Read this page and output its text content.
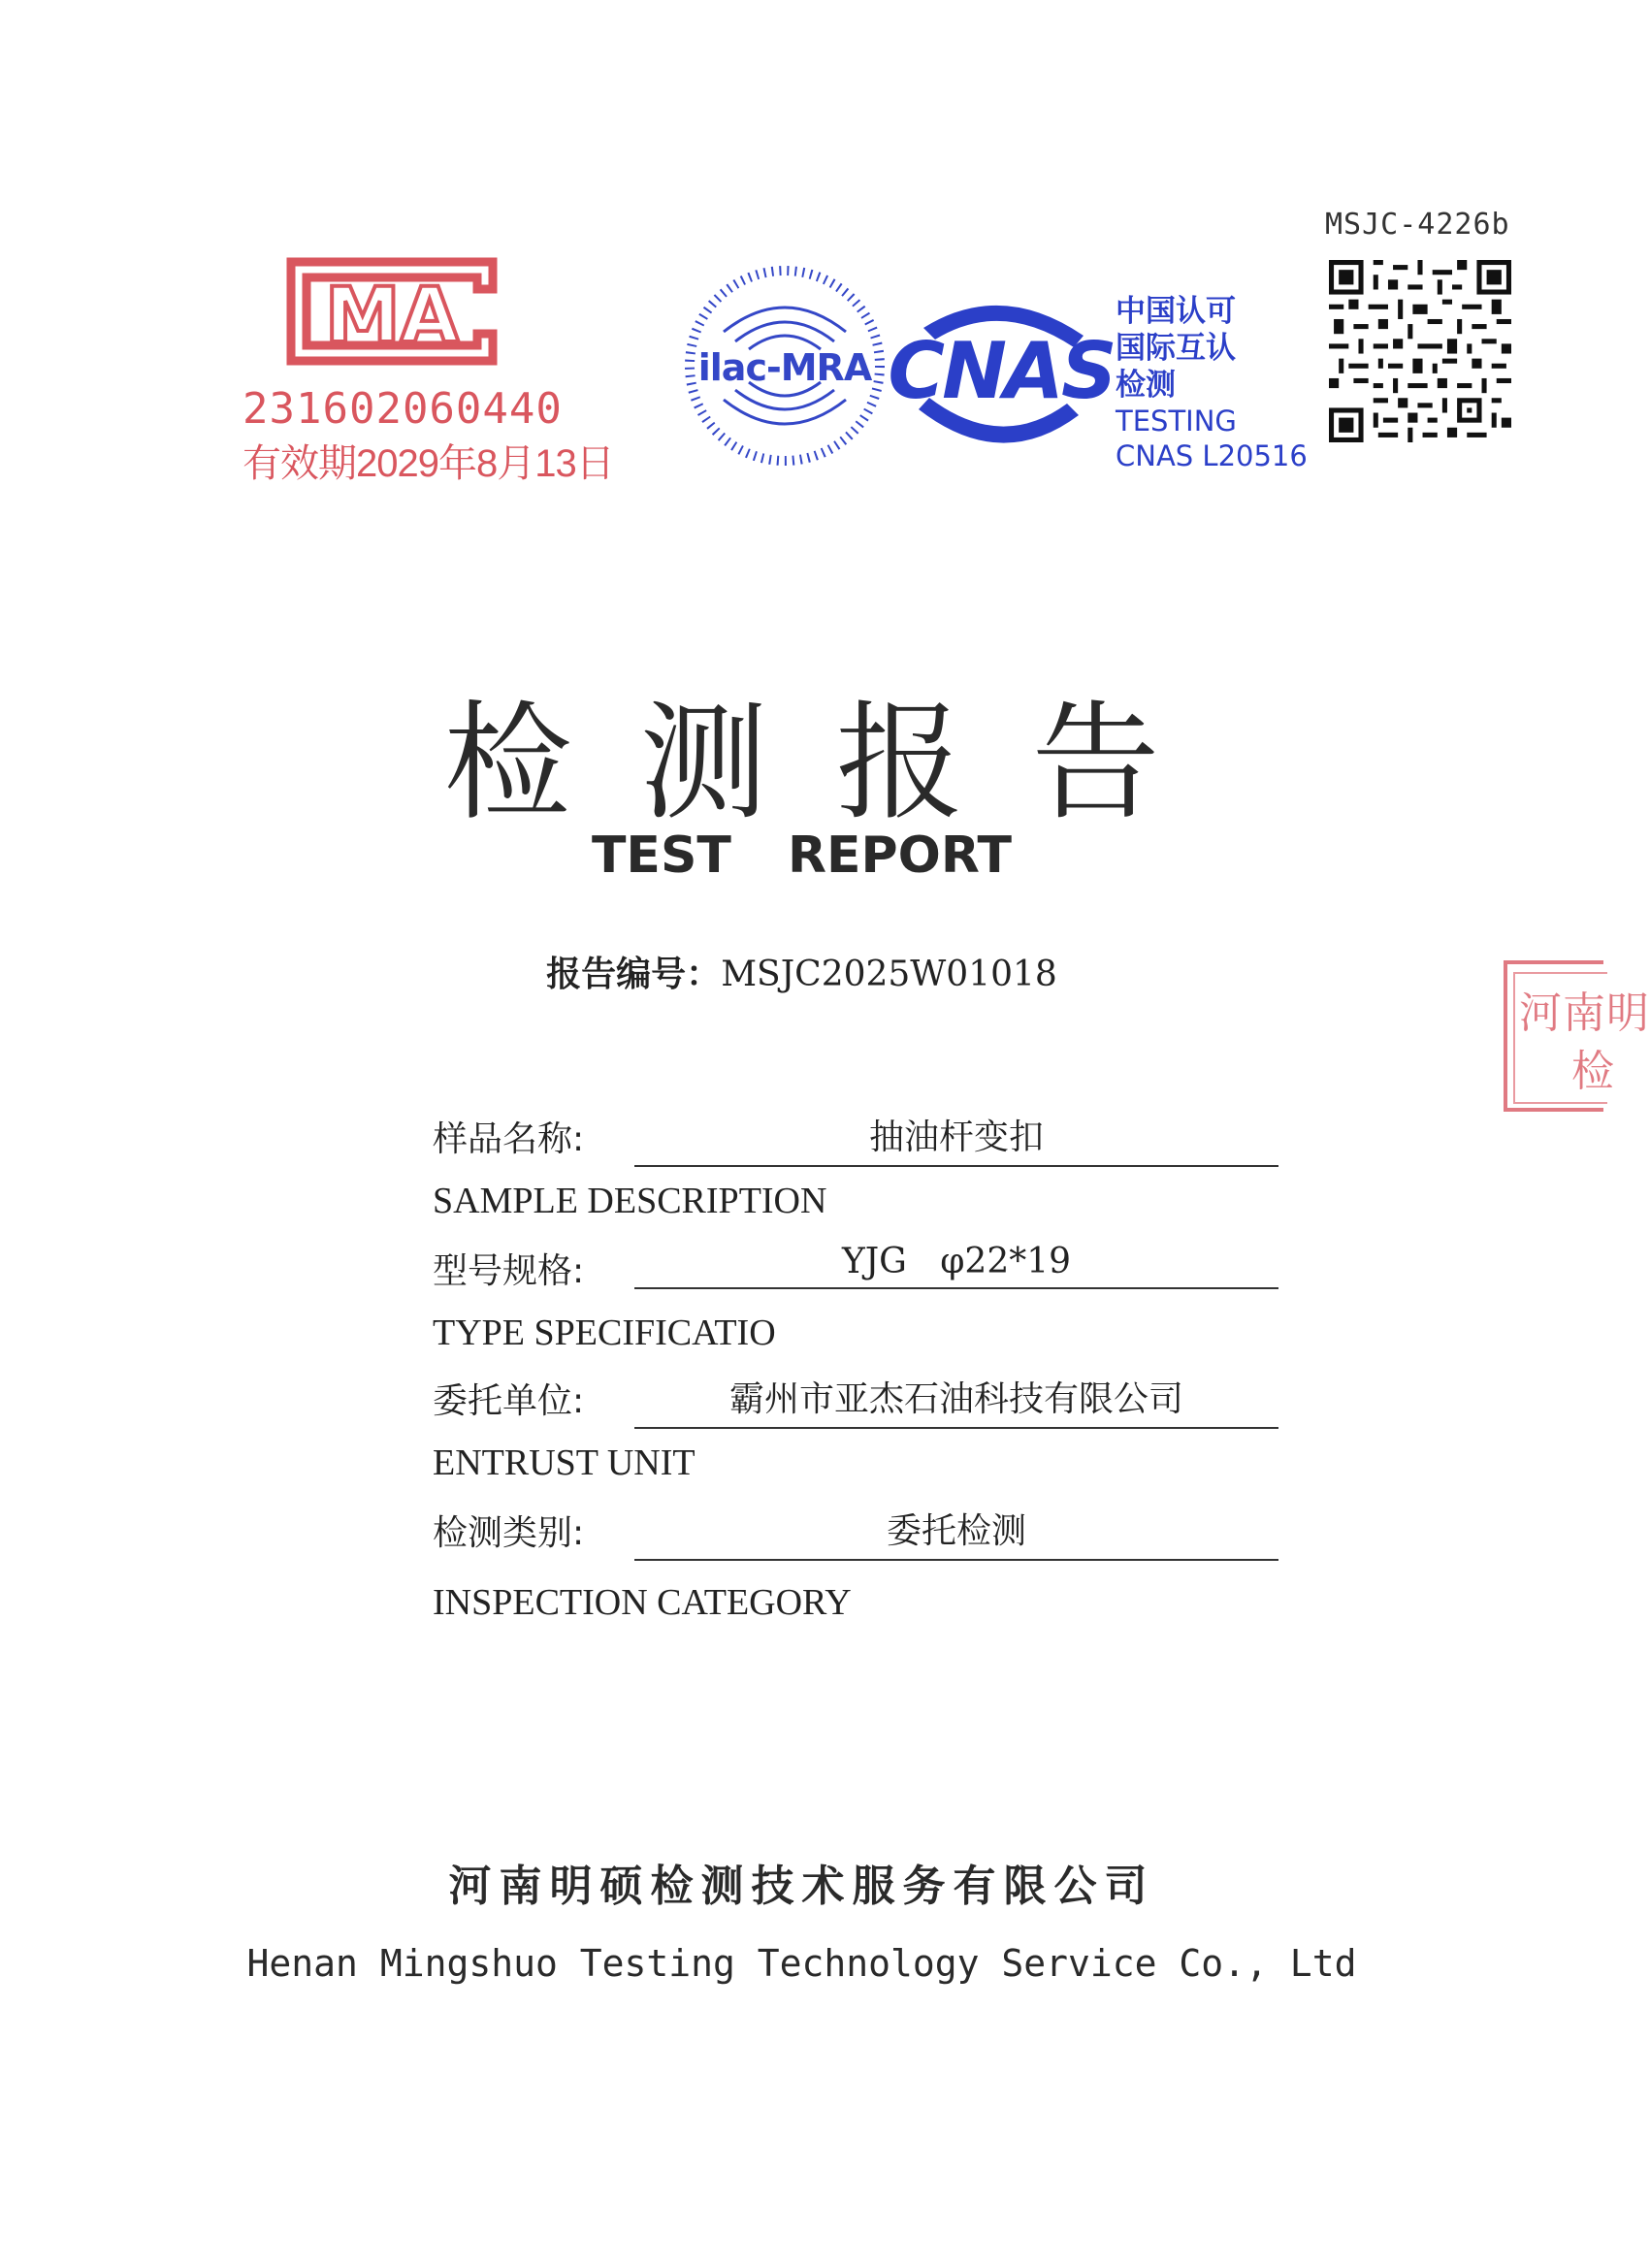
MSJC-4226b
MA
231602060440
有效期2029年8月13日
ilac-MRA CNAS
中国认可
国际互认
检测
TESTING
CNAS L20516
河南明
检
检测报告
TEST REPORT
报告编号：MSJC2025W01018
样品名称:	抽油杆变扣
SAMPLE DESCRIPTION
型号规格:	YJG   φ22*19
TYPE SPECIFICATIO
委托单位:	霸州市亚杰石油科技有限公司
ENTRUST UNIT
检测类别:	委托检测
INSPECTION CATEGORY
河南明硕检测技术服务有限公司
Henan Mingshuo Testing Technology Service Co., Ltd
